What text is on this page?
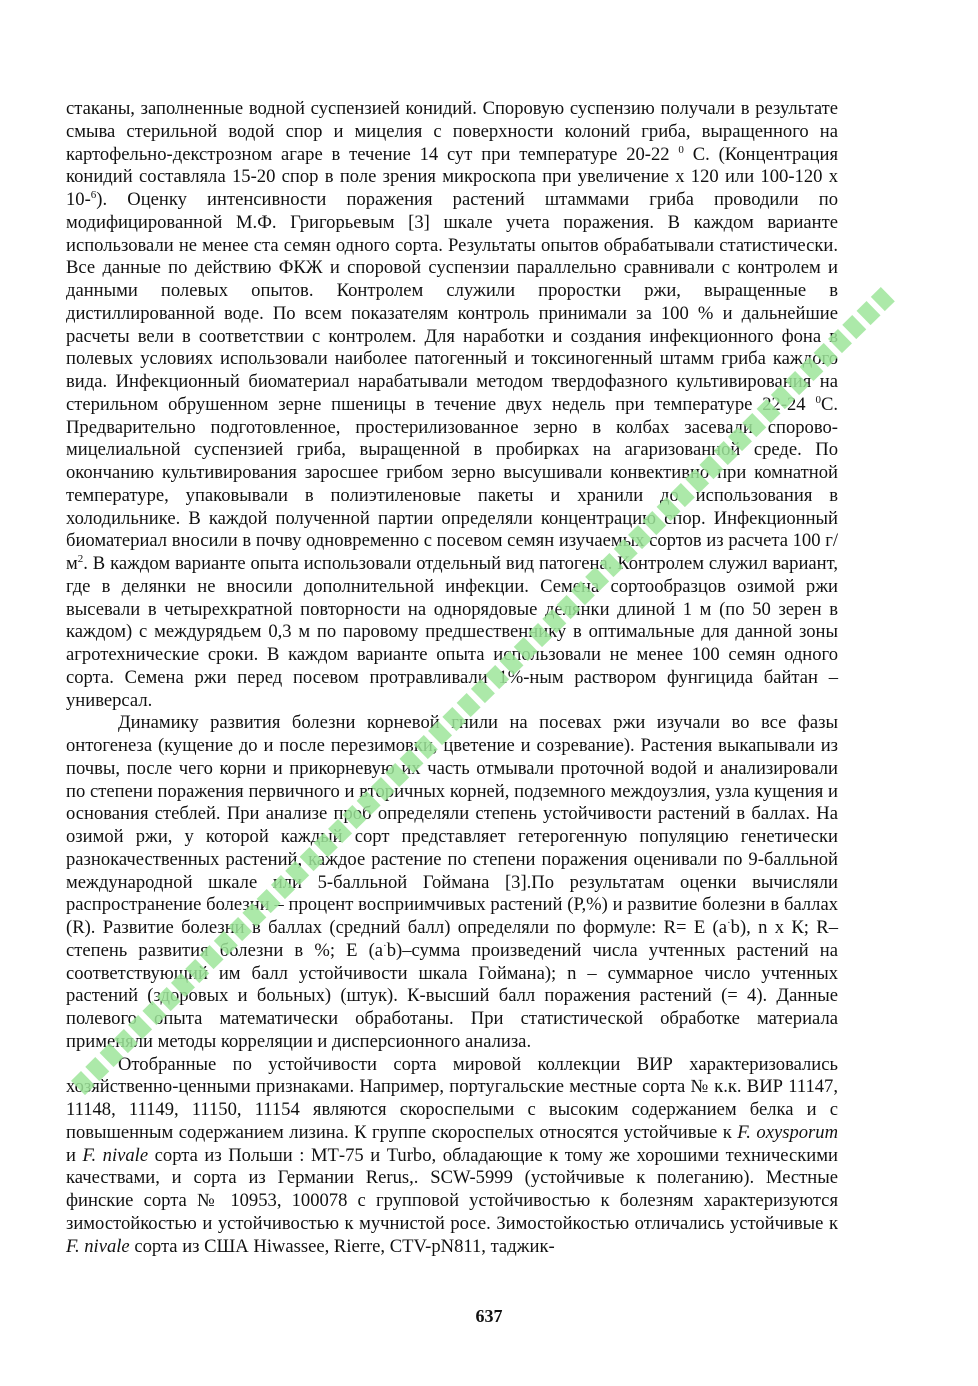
стаканы, заполненные водной суспензией конидий. Споровую суспензию получали в результате смыва стерильной водой спор и мицелия с поверхности колоний гриба, выращенного на картофельно-декстрозном агаре в течение 14 сут при температуре 20-22 $^0$ С. (Концентрация конидий составляла 15-20 спор в поле зрения микроскопа при увеличение х 120 или 100-120 х 10-$^6$). Оценку интенсивности поражения растений штаммами гриба проводили по модифицированной М.Ф. Григорьевым [3] шкале учета поражения. В каждом варианте использовали не менее ста семян одного сорта. Результаты опытов обрабатывали статистически. Все данные по действию ФКЖ и споровой суспензии параллельно сравнивали с контролем и данными полевых опытов. Контролем служили проростки ржи, выращенные в дистиллированной воде. По всем показателям контроль принимали за 100 % и дальнейшие расчеты вели в соответствии с контролем. Для наработки и создания инфекционного фона в полевых условиях использовали наиболее патогенный и токсиногенный штамм гриба каждого вида. Инфекционный биоматериал нарабатывали методом твердофазного культивирования на стерильном обрушенном зерне пшеницы в течение двух недель при температуре 22-24 $^0$С. Предварительно подготовленное, простерилизованное зерно в колбах засевали спорово-мицелиальной суспензией гриба, выращенной в пробирках на агаризованной среде. По окончанию культивирования заросшее грибом зерно высушивали конвективно при комнатной температуре, упаковывали в полиэтиленовые пакеты и хранили до использования в холодильнике. В каждой полученной партии определяли концентрацию спор. Инфекционный биоматериал вносили в почву одновременно с посевом семян изучаемых сортов из расчета 100 $г/м^2$. В каждом варианте опыта использовали отдельный вид патогена. Контролем служил вариант, где в делянки не вносили дополнительной инфекции. Семена сортообразцов озимой ржи высевали в четырехкратной повторности на однорядовые делянки длиной 1 м (по 50 зерен в каждом) с междурядьем 0,3 м по паровому предшественнику в оптимальные для данной зоны агротехнические сроки. В каждом варианте опыта использовали не менее 100 семян одного сорта. Семена ржи перед посевом протравливали 1%-ным раствором фунгицида байтан – универсал.

Динамику развития болезни корневой гнили на посевах ржи изучали во все фазы онтогенеза (кущение до и после перезимовки, цветение и созревание). Растения выкапывали из почвы, после чего корни и прикорневую их часть отмывали проточной водой и анализировали по степени поражения первичного и вторичных корней, подземного междоузлия, узла кущения и основания стеблей. При анализе проб определяли степень устойчивости растений в баллах. На озимой ржи, у которой каждый сорт представляет гетерогенную популяцию генетически разнокачественных растений, каждое растение по степени поражения оценивали по 9-балльной международной шкале или 5-балльной Гоймана [3].По результатам оценки вычисляли распространение болезни – процент восприимчивых растений (Р,%) и развитие болезни в баллах (R). Развитие болезни в баллах (средний балл) определяли по формуле: R= Е (а·b), n x К; R–степень развития болезни в %; Е (а·b)–сумма произведений числа учтенных растений на соответствующий им балл устойчивости шкала Гоймана); n – суммарное число учтенных растений (здоровых и больных) (штук). К-высший балл поражения растений (= 4). Данные полевого опыта математически обработаны. При статистической обработке материала применяли методы корреляции и дисперсионного анализа.

Отобранные по устойчивости сорта мировой коллекции ВИР характеризовались хозяйственно-ценными признаками. Например, португальские местные сорта № к.к. ВИР 11147, 11148, 11149, 11150, 11154 являются скороспелыми с высоким содержанием белка и с повышенным содержанием лизина. К группе скороспелых относятся устойчивые к F. oxysporum и F. nivale сорта из Польши : МТ-75 и Turbo, обладающие к тому же хорошими техническими качествами, и сорта из Германии Rerus,. SCW-5999 (устойчивые к полеганию). Местные финские сорта № 10953, 100078 с групповой устойчивостью к болезням характеризуются зимостойкостью и устойчивостью к мучнистой росе. Зимостойкостью отличались устойчивые к F. nivale сорта из США Hiwassee, Rierre, CTV-pN811, таджик-

637
